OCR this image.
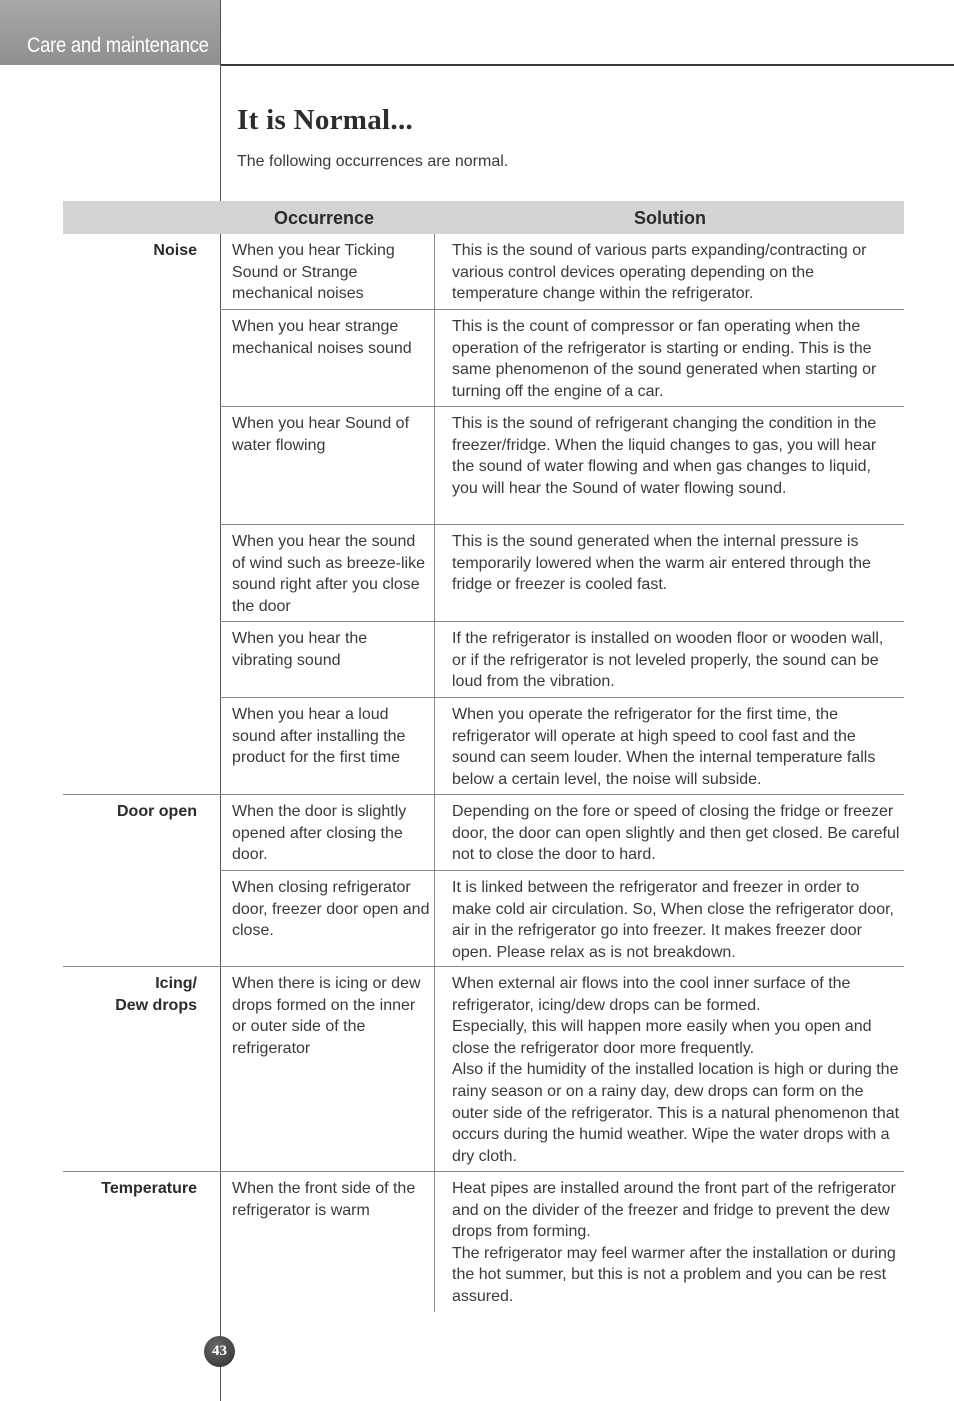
Care and maintenance
It is Normal...
The following occurrences are normal.
Occurrence	Solution
Noise When you hear Ticking Sound or Strange mechanical noises
This is the sound of various parts expanding/contracting or various control devices operating depending on the temperature change within the refrigerator.
When you hear strange mechanical noises sound
This is the count of compressor or fan operating when the operation of the refrigerator is starting or ending. This is the same phenomenon of the sound generated when starting or turning off the engine of a car.
When you hear Sound of water flowing
This is the sound of refrigerant changing the condition in the freezer/fridge. When the liquid changes to gas, you will hear the sound of water flowing and when gas changes to liquid, you will hear the Sound of water flowing sound.
When you hear the sound of wind such as breeze-like sound right after you close the door
This is the sound generated when the internal pressure is temporarily lowered when the warm air entered through the fridge or freezer is cooled fast.
When you hear the vibrating sound
If the refrigerator is installed on wooden floor or wooden wall, or if the refrigerator is not leveled properly, the sound can be loud from the vibration.
When you hear a loud sound after installing the product for the first time
When you operate the refrigerator for the first time, the refrigerator will operate at high speed to cool fast and the sound can seem louder. When the internal temperature falls below a certain level, the noise will subside.
Door open When the door is slightly opened after closing the door.
Depending on the fore or speed of closing the fridge or freezer door, the door can open slightly and then get closed. Be careful not to close the door to hard.
When closing refrigerator door, freezer door open and close.
It is linked between the refrigerator and freezer in order to make cold air circulation. So, When close the refrigerator door, air in the refrigerator go into freezer. It makes freezer door open. Please relax as is not breakdown.
Icing/
Dew drops
When there is icing or dew drops formed on the inner or outer side of the refrigerator
When external air flows into the cool inner surface of the refrigerator, icing/dew drops can be formed.
Especially, this will happen more easily when you open and close the refrigerator door more frequently.
Also if the humidity of the installed location is high or during the rainy season or on a rainy day, dew drops can form on the outer side of the refrigerator. This is a natural phenomenon that occurs during the humid weather. Wipe the water drops with a dry cloth.
Temperature When the front side of the refrigerator is warm
Heat pipes are installed around the front part of the refrigerator and on the divider of the freezer and fridge to prevent the dew drops from forming.
The refrigerator may feel warmer after the installation or during the hot summer, but this is not a problem and you can be rest assured.
43
